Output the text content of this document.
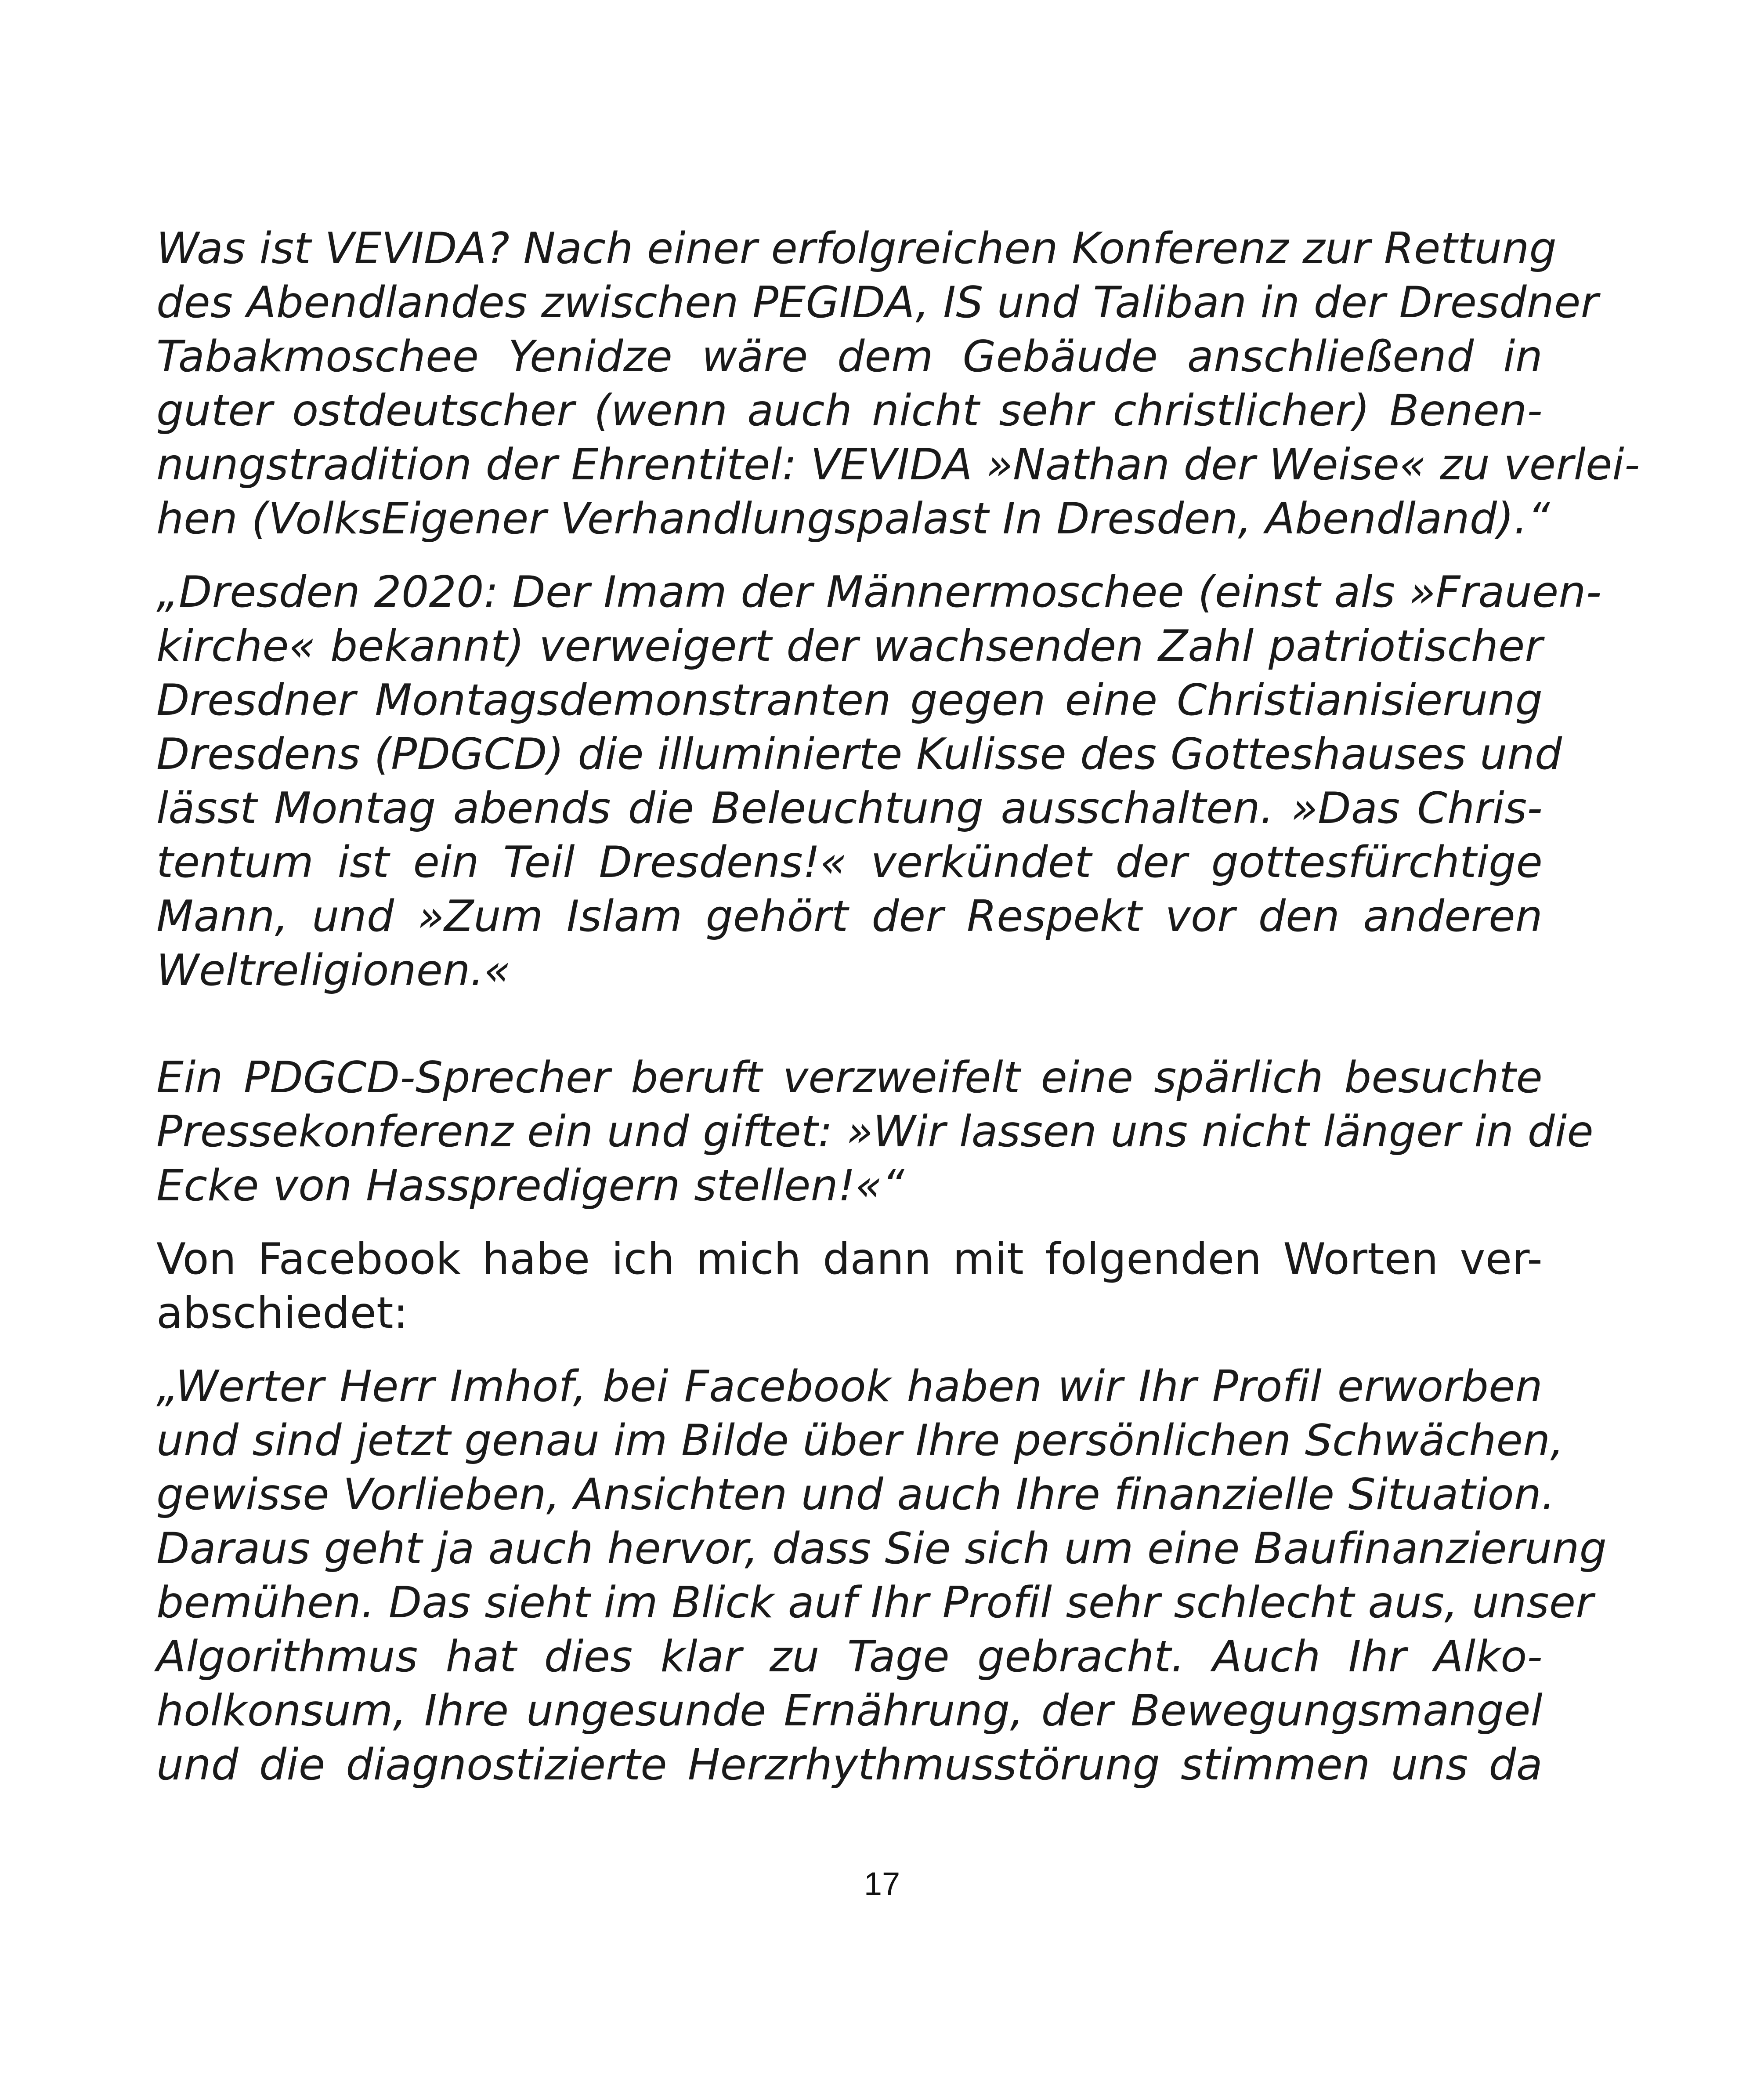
Was ist VEVIDA? Nach einer erfolgreichen Konferenz zur Rettung
des Abendlandes zwischen PEGIDA, IS und Taliban in der Dresdner
Tabakmoschee Yenidze wäre dem Gebäude anschließend in
guter ostdeutscher (wenn auch nicht sehr christlicher) Benen-
nungstradition der Ehrentitel: VEVIDA »Nathan der Weise« zu verlei-
hen (VolksEigener Verhandlungspalast In Dresden, Abendland).“
„Dresden 2020: Der Imam der Männermoschee (einst als »Frauen-
kirche« bekannt) verweigert der wachsenden Zahl patriotischer
Dresdner Montagsdemonstranten gegen eine Christianisierung
Dresdens (PDGCD) die illuminierte Kulisse des Gotteshauses und
lässt Montag abends die Beleuchtung ausschalten. »Das Chris-
tentum ist ein Teil Dresdens!« verkündet der gottesfürchtige
Mann, und »Zum Islam gehört der Respekt vor den anderen
Weltreligionen.«
Ein PDGCD-Sprecher beruft verzweifelt eine spärlich besuchte
Pressekonferenz ein und giftet: »Wir lassen uns nicht länger in die
Ecke von Hasspredigern stellen!«“
Von Facebook habe ich mich dann mit folgenden Worten ver-
abschiedet:
„Werter Herr Imhof, bei Facebook haben wir Ihr Profil erworben
und sind jetzt genau im Bilde über Ihre persönlichen Schwächen,
gewisse Vorlieben, Ansichten und auch Ihre finanzielle Situation.
Daraus geht ja auch hervor, dass Sie sich um eine Baufinanzierung
bemühen. Das sieht im Blick auf Ihr Profil sehr schlecht aus, unser
Algorithmus hat dies klar zu Tage gebracht. Auch Ihr Alko-
holkonsum, Ihre ungesunde Ernährung, der Bewegungsmangel
und die diagnostizierte Herzrhythmusstörung stimmen uns da
17
